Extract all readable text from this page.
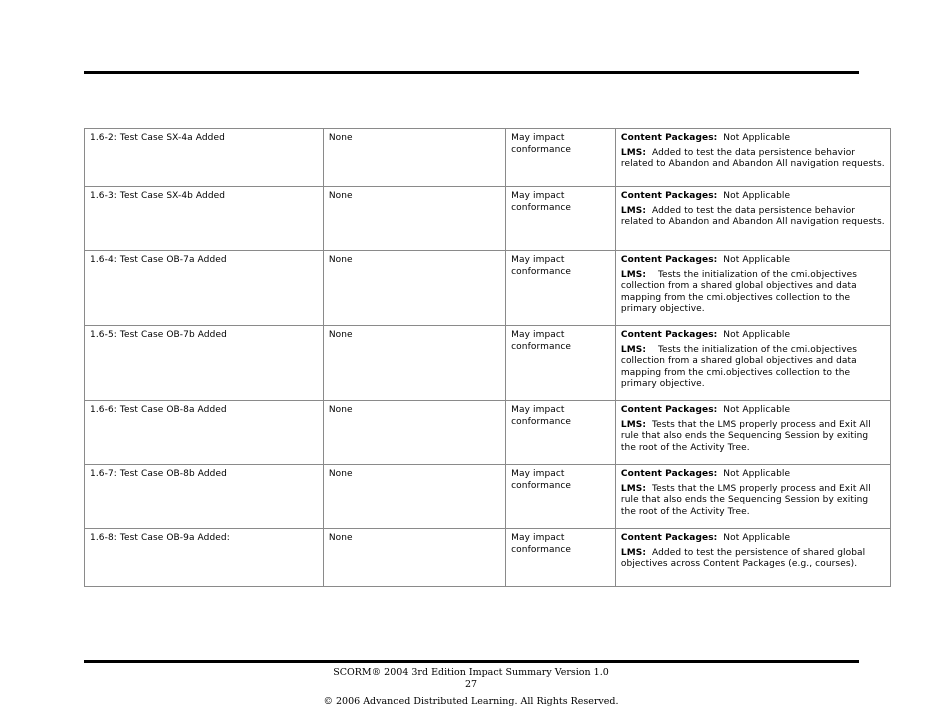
1.6-2: Test Case SX-4a Added	None	May impact conformance	Content Packages: Not Applicable
LMS: Added to test the data persistence behavior related to Abandon and Abandon All navigation requests.

1.6-3: Test Case SX-4b Added	None	May impact conformance	Content Packages: Not Applicable
LMS: Added to test the data persistence behavior related to Abandon and Abandon All navigation requests.

1.6-4: Test Case OB-7a Added	None	May impact conformance	Content Packages: Not Applicable
LMS: Tests the initialization of the cmi.objectives collection from a shared global objectives and data mapping from the cmi.objectives collection to the primary objective.

1.6-5: Test Case OB-7b Added	None	May impact conformance	Content Packages: Not Applicable
LMS: Tests the initialization of the cmi.objectives collection from a shared global objectives and data mapping from the cmi.objectives collection to the primary objective.

1.6-6: Test Case OB-8a Added	None	May impact conformance	Content Packages: Not Applicable
LMS: Tests that the LMS properly process and Exit All rule that also ends the Sequencing Session by exiting the root of the Activity Tree.

1.6-7: Test Case OB-8b Added	None	May impact conformance	Content Packages: Not Applicable
LMS: Tests that the LMS properly process and Exit All rule that also ends the Sequencing Session by exiting the root of the Activity Tree.

1.6-8: Test Case OB-9a Added:	None	May impact conformance	Content Packages: Not Applicable
LMS: Added to test the persistence of shared global objectives across Content Packages (e.g., courses).
SCORM® 2004 3rd Edition Impact Summary Version 1.0
27
© 2006 Advanced Distributed Learning. All Rights Reserved.
